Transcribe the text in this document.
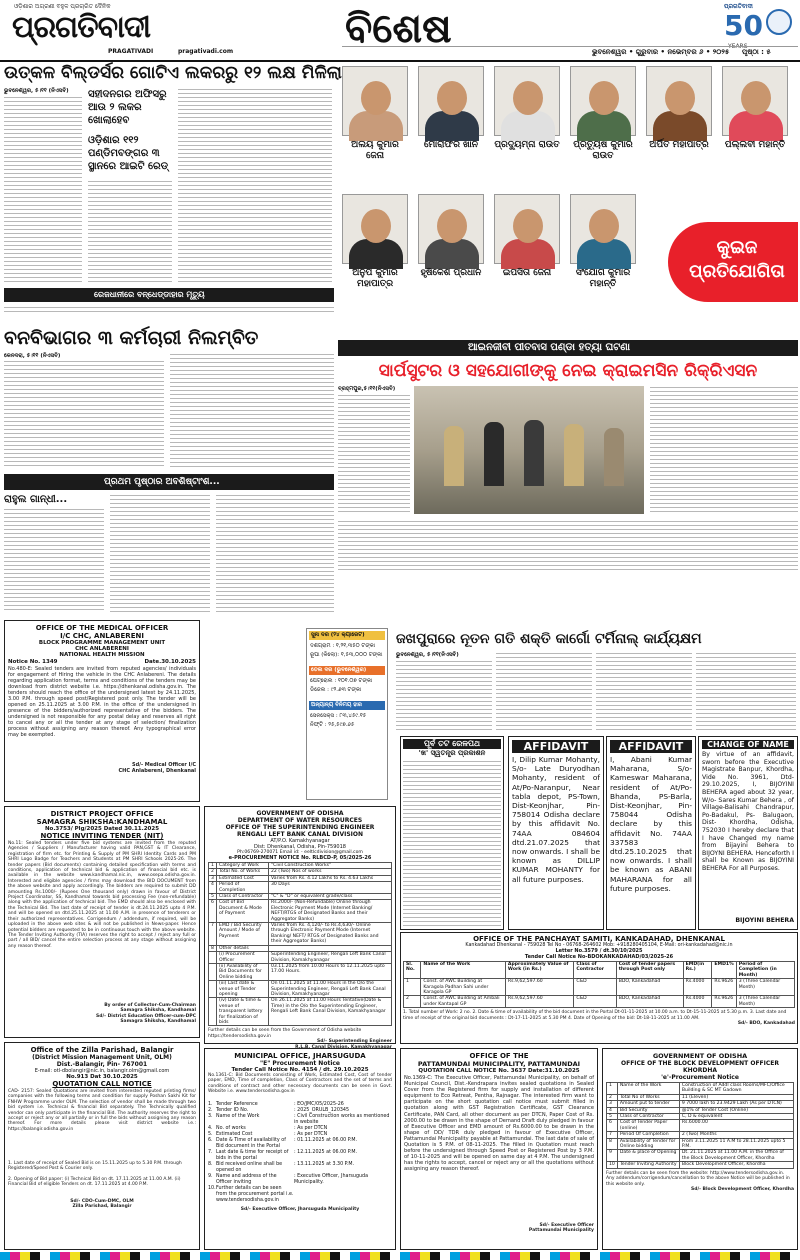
ଓଡ଼ିଶାର ଅଗ୍ରଣୀ ବହୁଳ ପ୍ରଚାରିତ ଦୈନିକ
ପ୍ରଗତିବାଦୀ
PRAGATIVADI	pragativadi.com	ବିଶେଷ	ପ୍ରଗତିବାଦୀ
50
YEARS
ଭୁବନେଶ୍ୱର • ଗୁରୁବାର • ନଭେମ୍ବର ୬ • ୨୦୨୫ ପୃଷ୍ଠା : ୫
ଉତ୍କଳ ବିଲ୍ଡର୍ସର ଗୋଟିଏ ଲକରରୁ ୧୨ ଲକ୍ଷ ମିଳିଲା
ଭୁବନେଶ୍ୱର, ୫।୧୧ (ନିଏସବି) ସହୀଦନଗର ଅଫିସରୁ ଆଉ ୨ ଲକର ଖୋଲାହେବ
ଓଡ଼ିଶାର ୧୧୨ ପଣ୍ଡିମବଙ୍ଗର ୩ ସ୍ଥାନରେ ଆଇଟି ରେଡ୍
ରେଜଧାନୀରେ ବନ୍ଧେଡ୍‌ଡାହାର ମୃତ୍ୟୁ
ଅଲୟ କୁମାର ଜେନା
ମୋରାଫର ଖାନ	ପ୍ରଦ୍ୟୁମ୍ନା ରାଉତ	ପ୍ରତ୍ୟୁଷ କୁମାର ରାଉତ
ଅର୍ପିତ ମହାପାତ୍ର	ପଲ୍ଲବୀ ମହାନ୍ତି
ଅନୁପ କୁମାର ମହାପାତ୍ର
ହୃଷିକେଶ ପ୍ରଧାନ	ଇପସିତା ଜେନା	ସଂଯୋଗ କୁମାର ମହାନ୍ତି
କୁଇଜ ପ୍ରତିଯୋଗିତା
ବନବିଭାଗର ୩ କର୍ମଚାରୀ ନିଲମ୍ବିତ
କେନଦରା, ୫।୧୧ (ନିଏସବି)
ପ୍ରଥମ ପୃଷ୍ଠାର ଅବଶିଷ୍ଟାଂଶ...
ଆଇନଜୀବୀ ପୀତବାସ ପଣ୍ଡା ହତ୍ୟା ଘଟଣା
ସାର୍ପସୁଟର ଓ ସହଯୋଗୀଙ୍କୁ ନେଇ କ୍ରାଇମସିନ ରିକ୍ରିଏସନ
ବ୍ରହ୍ମପୁର,୫।୧୧(ନିଏସବି)
ରାହୁଲ ଗାନ୍ଧୀ...
ସୁନା ଦର (୨୪ କ୍ୟାରେଟ)
ଦଶଗ୍ରାମ : ୧,୨୧,୩୫୦ ଟଙ୍କା
ରୂପା (କିଲୋ): ୧,୫୩,୦୦୦ ଟଙ୍କା
ତେଲ ଦର (ଭୁବନେଶ୍ୱର)
ପେଟ୍ରୋଲ : ୧୦୧.୦୭ ଟଙ୍କା
ଡିଜେଲ : ୯୨.୬୩ ଟଙ୍କା
ଅନ୍ୟାନ୍ୟ ବିନିମୟ ହାର
ସେନସେକ୍ସ : ୮୩,୪୫୯.୧୫
ନିଫ୍ଟି : ୨୫,୫୯୭.୬୫
ଜଖପୁରାରେ ନୂତନ ଗତି ଶକ୍ତି କାର୍ଗୋ ଟର୍ମିନାଲ୍ କାର୍ଯ୍ୟକ୍ଷମ
ଭୁବନେଶ୍ୱର, ୫।୧୧(ନିଏସବି)
OFFICE OF THE MEDICAL OFFICER
I/C CHC, ANLABERENI
BLOCK PROGRAMME MANAGEMENT UNIT
CHC ANLABERENI
NATIONAL HEALTH MISSION
Notice No. 1349	Date.30.10.2025
No.480-E: Sealed tenders are invited from reputed agencies/ individuals for engagement of Hiring the vehicle in the CHC Anlabereni. The details regarding application format, terms and conditions of the tenders may be download from district website i.e. https://dhenkanal.odisha.gov.in. The tenders should reach the office of the undersigned latest by 24.11.2025, 3.00 P.M. through speed post/Registered post only. The tender will be opened on 25.11.2025 at 3.00 P.M. in the office of the undersigned in presence of the bidders/authorized representative of the bidders. The undersigned is not responsible for any postal delay and reserves all right to cancel any or all the tender at any stage of selection/ finalization process without assigning any reason thereof. Any typographical error may be exempted.
Sd/- Medical Officer I/C
CHC Anlabereni, Dhenkanal
DISTRICT PROJECT OFFICE
SAMAGRA SHIKSHA:KANDHAMAL
No.3753/ Plg/2025 Dated 30.11.2025
NOTICE INVITING TENDER (NIT)
No.11: Sealed tenders under five bid systems are invited from the reputed Agencies / Suppliers / Manufacturer having valid PAN,GST & IT Clearance, registration of firm etc. for Printing & Supply of PM SHRI Identity Cards and PM SHRI Logo Badge for Teachers and Students at PM SHRI Schools 2025-26. The tender papers (Bid documents) containing detailed specification with terms and conditions, application of technical bid & application of financial bid etc. is available in the website www.kandhamal.nic.in, www.osepa.odisha.gov.in. Interested and eligible agencies / firms may download the BID DOCUMENT from the above website and apply accordingly. The bidders are required to submit DD amounting Rs.1000/- (Rupees One thousand only) drawn in favour of District Project Coordinator, SS, Kandhamal towards bid processing Fee (non-refundable) along with the application of technical bid. The EMD should also be enclosed with the Technical Bid. The last date of receipt of tender is dt.24.11.2025 upto 4 P.M. and will be opened on dtd.25.11.2025 at 11.00 A.M. in presence of tenderers or their authorized representatives. Corrigendum / addendum, if required, will be uploaded in the above web sites & will not be published in News-paper. Hence potential bidders are requested to be in continuous touch with the above website. The Tender Inviting Authority (TIA) reserves the right to accept / reject any full or part / all BID/ cancel the entire selection process at any stage without assigning any reason thereof.
By order of Collector-Cum-Chairman
Samagra Shiksha, Kandhamal
Sd/- District Education Officer-cum-DPC
Samagra Shiksha, Kandhamal
Office of the Zilla Parishad, Balangir
(District Mission Management Unit, OLM)
Dist.-Balangir, Pin- 767001
E-mail: otl-dbolangir@nic.in, balangir.olm@gmail.com
No.913 Dat 30.10.2025
QUOTATION CALL NOTICE
CAD- 2157: Sealed Quotations are invited from interested reputed printing firms/ companies with the following terms and condition for supply Poshan Sakhi Kit for FNHW Programme under OLM. The selection of vendor shall be made through two bid system i.e. Technical & financial Bid separately. The Technically qualified vendor can only participate in the financial Bid. The authority reserves the right to accept or reject any or all partially or in full the bids without assigning any reason thereof. For more details please visit district website i.e.: https://balangir.odisha.gov.in
1. Last date of receipt of Sealed Bid is on 15.11.2025 up to 5.30 P.M. through Registered/Speed Post & Courier only.
2. Opening of Bid paper: (i) Technical Bid on dt. 17.11.2025 at 11.00 A.M. (ii) Financial Bid of eligible Tenders on dt. 17.11.2025 at 4.00 P.M.
Sd/- CDO-Cum-DMC, OLM
Zilla Parishad, Balangir
GOVERNMENT OF ODISHA
DEPARTMENT OF WATER RESOURCES
OFFICE OF THE SUPERINTENDING ENGINEER
RENGALI LEFT BANK CANAL DIVISION
AT/P.O. Kamakhyanagar
Dist: Dhenkanal, Odisha, Pin-759018
Ph:06769-270071 Email id: - eeltlcdivision@gmail.com
e-PROCUREMENT NOTICE No. RLBCD-P, 05/2025-26
1	Category of Work	"Civil Construction Works"
2	Total No. of Works	22 (Two) Nos of works
3	Estimated Cost	Varies from Rs. 4.12 Lakhs to Rs. 4.63 Lakhs
4	Period of Completion	30 Days
5	Class of Contractor	"C" & "D" or equivalent grade/class
6	Cost of Bid Document & Mode of Payment	Rs.2000/- (Non-Refundable) Online through Electronic Payment Mode (Internet Banking/ NEFT/RTGS of Designated Banks and their Aggregator Banks)
7	EMD / Bid Security Amount / Mode of Payment	Varies from Rs. 4,120/- to Rs.4,630/- Online through Electronic Payment Mode (Internet Banking/ NEFT/ RTGS of Designated Banks and their Aggregator Banks)
8	Other details	
	(i) Procurement Officer	Superintending Engineer, Rengali Left Bank Canal Division, Kamakhyanagar
	(ii) Availability of Bid Documents for Online bidding	03.11.2025 from 10.00 Hours to 12.11.2025 upto 17.00 Hours.
	(iii) Last date & venue of Tender opening	On 01.11.2025 at 11.00 Hours in the O/o the Superintending Engineer, Rengali Left Bank Canal Division, Kamakhyanagar
	(iv) Date & time & venue of transparent lottery for finalization of bids	On 26.11.2025 at 11.00 Hours Tentative(Date & Time) in the O/o the Superintending Engineer, Rengali Left Bank Canal Division, Kamakhyanagar
Further details can be seen from the Government of Odisha website https://tendersodisha.gov.in
Sd/- Superintending Engineer
ପୂର୍ବ ତଟ ରେଳପଥ
'ଖ' ସ୍ୱତନ୍ତ୍ର ପ୍ରକାଶନ	AFFIDAVIT
I, Dilip Kumar Mohanty, S/o- Late Duryodhan Mohanty, resident of At/Po-Naranpur, Near tabla depot, PS-Town, Dist-Keonjhar, Pin-758014 Odisha declare by this affidavit No. 74AA 084604 dtd.21.07.2025 that now onwards. I shall be known as DILLIP KUMAR MOHANTY for all future purposes.
AFFIDAVIT
I, Abani Kumar Maharana, S/o- Kameswar Maharana, resident of At/Po-Bhanda, PS-Barla, Dist-Keonjhar, Pin-758044 Odisha declare by this affidavit No. 74AA 337583 dtd.25.10.2025 that now onwards. I shall be known as ABANI MAHARANA for all future purposes.
CHANGE OF NAME
By virtue of an affidavit, sworn before the Executive Magistrate Banpur, Khordha, Vide No. 3961, Dtd-29.10.2025, I, BIJOYINI BEHERA aged about 32 year, W/o- Sares Kumar Behera , of Village-Balisahi Chandrapur, Po-Badakul, Ps- Balugaon, Dist- Khordha, Odisha, 752030 I hereby declare that I have Changed my name from Bijayini Behera to BIJOYNI BEHERA. Henceforth I shall be Known as BIJOYINI BEHERA For all Purposes.
BIJOYINI BEHERA
OFFICE OF THE PANCHAYAT SAMITI, KANKADAHAD, DHENKANAL
Kankadahad Dhenkanal - 759028 Tel No - 06768-264602 Mob: +918280405104, E-Mail: ori-kankadahad@nic.in
Letter No.3579 / dt.30/10/2025
Tender Call Notice No-BDOKANKADAHAD/03/2025-26
Sl. No.	Name of the Work	Approximately Value of Work (in Rs.)	Class of Contractor	Cost of tender papers through Post only	EMD(in Rs.)	EMD1%	Period of Completion (in Month)
1	Const. of AWC Building at Karagola Padhan Sahi under Karagola GP	Rs.9,62,597.60	C&D	BDO, Kankadahad	Rs.4000	Rs.9626	3 (Three Calendar Month)
2	Const. of AWC Building at Ambali under Kantapal GP	Rs.9,62,597.60	C&D	BDO, Kankadahad	Rs.4000	Rs.9626	3 (Three Calendar Month)
1. Total number of Work: 2 no. 2. Date & time of availability of the bid document in the Portal Dt-01-11-2025 at 10.00 a.m. to Dt-15-11-2025 at 5.30 p.m. 3. Last date and time of receipt of the original bid documents : Dt-17-11-2025 at 5.30 PM 4. Date of Opening of the bid: Dt-18-11-2025 at 11.00 AM.
Sd/- BDO, Kankadahad
MUNICIPAL OFFICE, JHARSUGUDA
"E" Procurement Notice
Tender Call Notice No. 4154 / dt. 29.10.2025
No.1361-C: Bid Documents consisting of Work, Estimated Cost, Cost of tender paper, EMD, Time of completion, Class of Contractors and the set of terms and conditions of contract and other necessary documents can be seen in Govt. Website i.e. www.tendersodisha.gov.in
1. Tender Reference	: EO/JMC/05/2025-26
2. Tender ID No.	: 2025_ORULB_120345
3. Name of the Work	: Civil Construction works as mentioned in website
4. No. of works	: As per DTCN
5. Estimated Cost	: As per DTCN
6. Date & Time of availability of Bid document in the Portal
: 01.11.2025 at 06.00 P.M.
7. Last date & time for receipt of bids in the portal
: 12.11.2025 at 06.00 P.M.
8. Bid received online shall be opened on
: 13.11.2025 at 3.30 P.M.
9. Name and address of the Officer inviting
: Executive Officer, Jharsuguda Municipality.
10. Further details can be seen from the procurement portal i.e. www.tendersodisha.gov.in
Sd/- Executive Officer, Jharsuguda Municipality
OFFICE OF THE
PATTAMUNDAI MUNICIPALITY, PATTAMUNDAI
QUOTATION CALL NOTICE No. 3637 Date:31.10.2025
No.1369-C: The Executive Officer, Pattamundai Municipality, on behalf of Municipal Council, Dist.-Kendrapara invites sealed quotations in Sealed Cover from the Registered firm for supply and installation of different equipment to Eco Retreat, Pentha, Rajnagar. The interested firm want to participate on the short quotation call notice must submit filled in quotation along with GST Registration Certificate, GST Clearance Certificate, PAN Card, all other document as per DTCN, Paper Cost of Rs. 2000.00 to be drawn in the shape of Demand Draft duly pledged in favour of Executive Officer and EMD amount of Rs.6000.00 to be drawn in the shape of DD/ TDR duly pledged in favour of Executive Officer, Pattamundai Municipality payable at Pattamundai. The last date of sale of Quotation is 5 P.M. of 08-11-2025. The filled in Quotation must reach before the undersigned through Speed Post or Registered Post by 3 P.M. of 10-11-2025 and will be opened on same day at 4 P.M. The undersigned has the rights to accept, cancel or reject any or all the quotations without assigning any reason thereof.
Sd/- Executive Officer
Pattamundai Municipality
GOVERNMENT OF ODISHA
OFFICE OF THE BLOCK DEVELOPMENT OFFICER
KHORDHA
'e'-Procurement Notice
1	Name of the Work	Construction of Addl class Rooms/MFC/Office Building & SC MT Gadown
2	Total No of Works	11 (Eleven)
3	Amount put to tender	9 7000 lakh to 23.9429 Lakh (As per DTCN)
4	Bid Security	@1% of Tender Cost (Online)
5	Class of Contractor	C, D & equivalent
6	Cost of Tender Paper (online)	Rs.6000.00
7	Period Of Completion	2 (Two) Months
8	Availability of Tender for Online bidding	From 3.11.2025 11 A.M to 28.11.2025 upto 5 P.M.
9	Date & place of Opening	Dt. 21.11.2025 at 11.00 A.M. in the Office of the Block Development Officer, Khordha
10	Tender Inviting Authority	Block Development Officer, Khordha
Further details can be seen from the website: http://www.tendersodisha.gov.in. Any addendum/corrigendum/cancellation to the above Notice will be published in this website only.
Sd/- Block Development Officer, Khordha
